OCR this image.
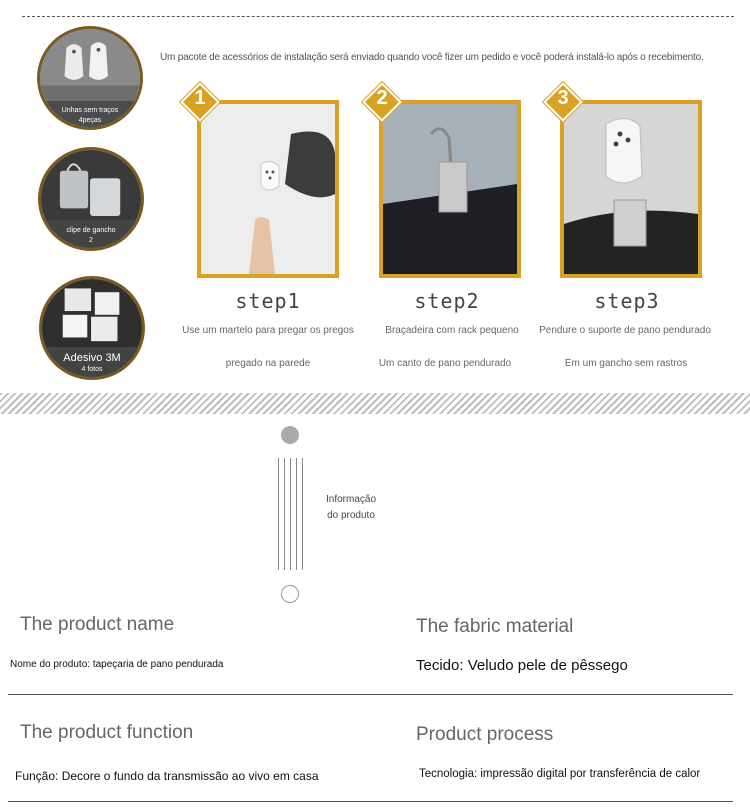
Um pacote de acessórios de instalação será enviado quando você fizer um pedido e você poderá instalá-lo após o recebimento.
Unhas sem traços
4peças
clipe de gancho
2
Adesivo 3M
4 fotos
1	2	3
step1
Use um martelo para pregar os pregos
pregado na parede
step2
Braçadeira com rack pequeno
Um canto de pano pendurado
step3
Pendure o suporte de pano pendurado
Em um gancho sem rastros
Informação do produto
The product name
Nome do produto: tapeçaria de pano pendurada
The fabric material
Tecido: Veludo pele de pêssego
The product function
Função: Decore o fundo da transmissão ao vivo em casa
Product process
Tecnologia: impressão digital por transferência de calor
